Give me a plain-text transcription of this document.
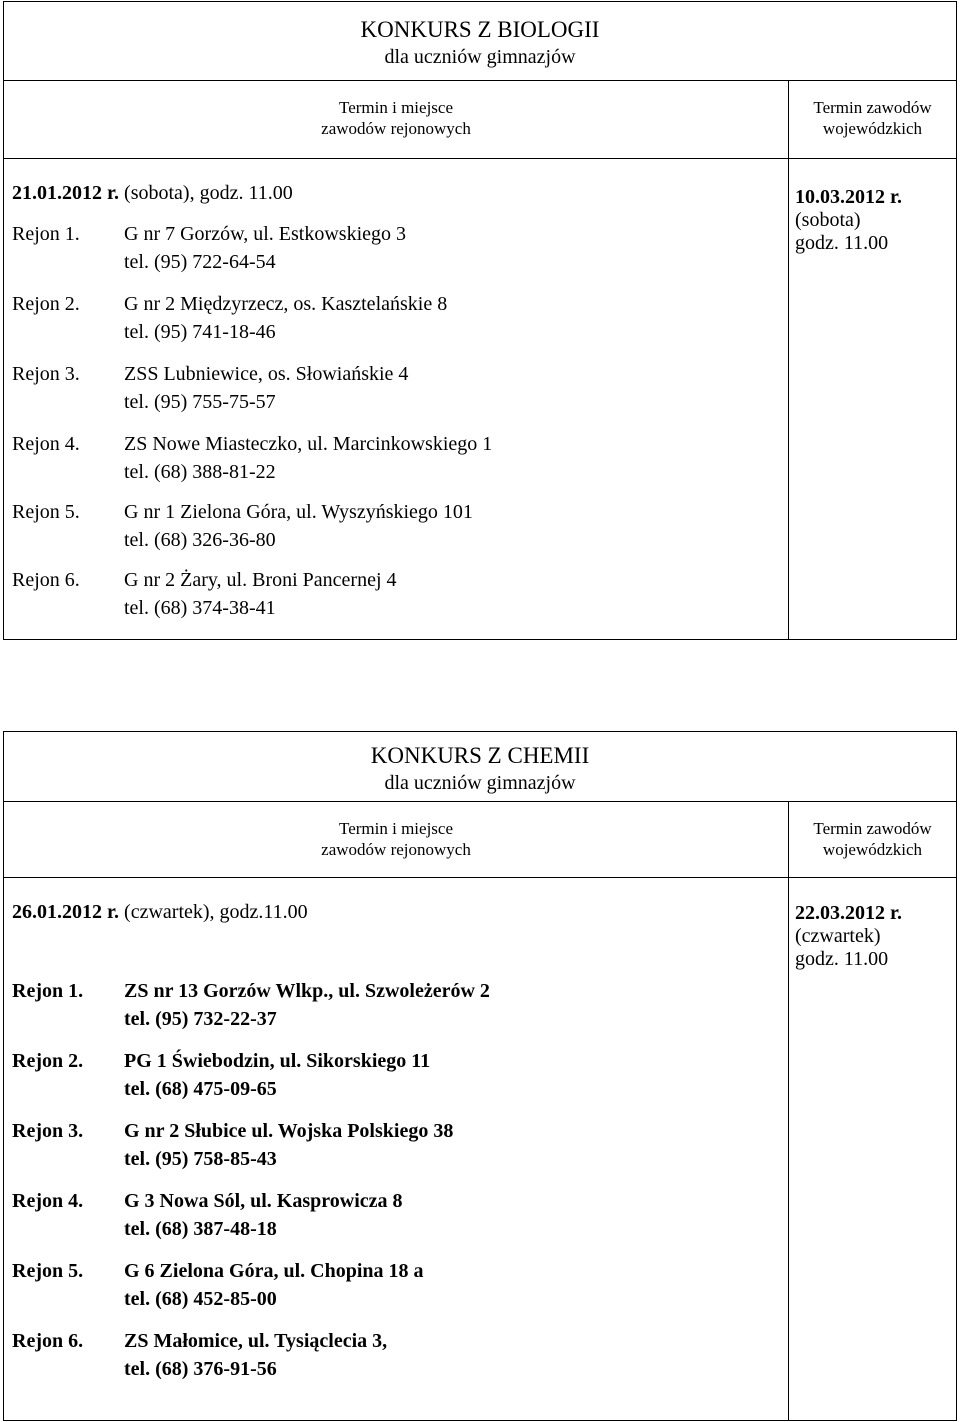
KONKURS Z BIOLOGII
dla uczniów gimnazjów
Termin i miejsce
zawodów rejonowych
Termin zawodów
wojewódzkich
21.01.2012 r. (sobota), godz. 11.00
Rejon 1. G nr 7 Gorzów, ul. Estkowskiego 3
tel. (95) 722-64-54
Rejon 2. G nr 2 Międzyrzecz, os. Kasztelańskie 8
tel. (95) 741-18-46
Rejon 3. ZSS Lubniewice, os. Słowiańskie 4
tel. (95) 755-75-57
Rejon 4. ZS Nowe Miasteczko, ul. Marcinkowskiego 1
tel. (68) 388-81-22
Rejon 5. G nr 1 Zielona Góra, ul. Wyszyńskiego 101
tel. (68) 326-36-80
Rejon 6. G nr 2 Żary, ul. Broni Pancernej 4
tel. (68) 374-38-41
10.03.2012 r.
(sobota)
godz. 11.00
KONKURS Z CHEMII
dla uczniów gimnazjów
Termin i miejsce
zawodów rejonowych
Termin zawodów
wojewódzkich
26.01.2012 r. (czwartek), godz.11.00
Rejon 1. ZS nr 13 Gorzów Wlkp., ul. Szwoleżerów 2
tel. (95) 732-22-37
Rejon 2. PG 1 Świebodzin, ul. Sikorskiego 11
tel. (68) 475-09-65
Rejon 3. G nr 2 Słubice ul. Wojska Polskiego 38
tel. (95) 758-85-43
Rejon 4. G 3 Nowa Sól, ul. Kasprowicza 8
tel. (68) 387-48-18
Rejon 5. G 6 Zielona Góra, ul. Chopina 18 a
tel. (68) 452-85-00
Rejon 6. ZS Małomice, ul. Tysiąclecia 3,
tel. (68) 376-91-56
22.03.2012 r.
(czwartek)
godz. 11.00
